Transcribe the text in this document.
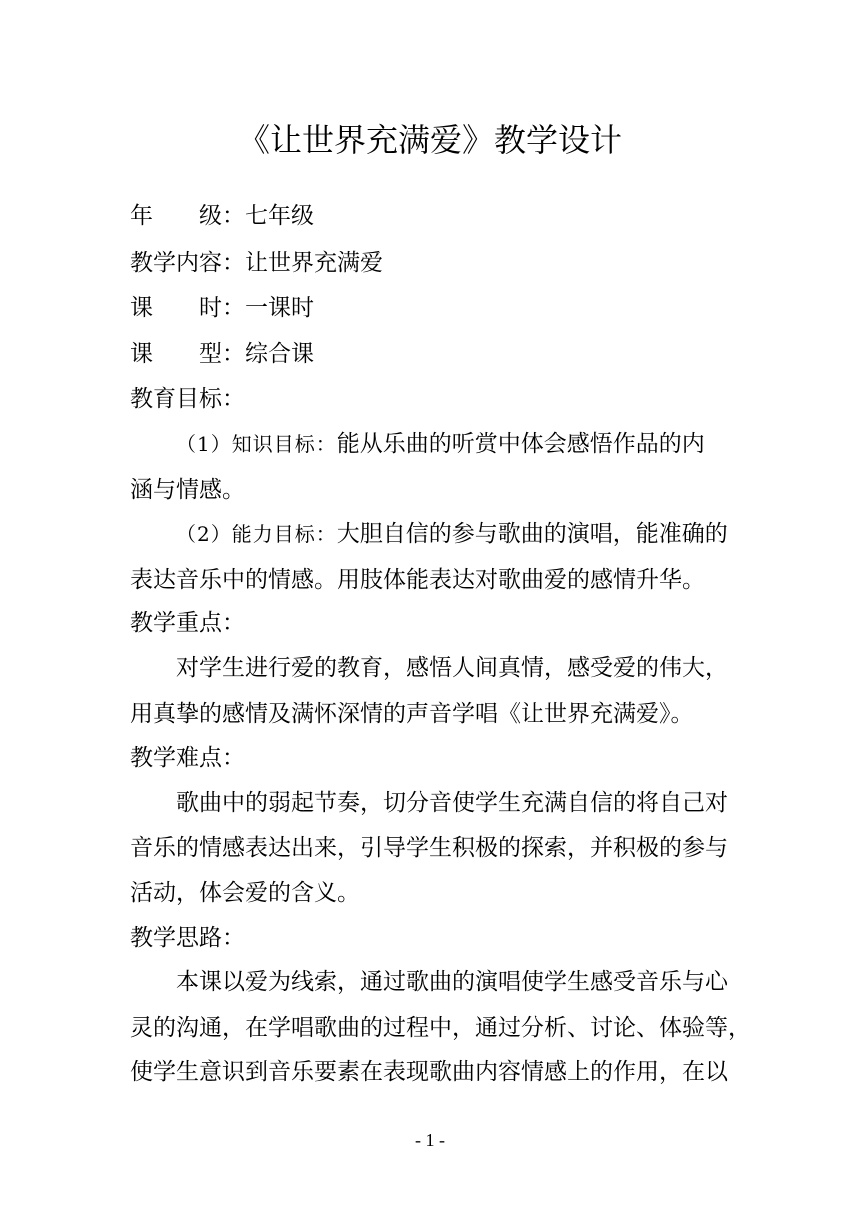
《让世界充满爱》教学设计
年级：七年级
教学内容：让世界充满爱
课时：一课时
课型：综合课
教育目标：
（1）知识目标：能从乐曲的听赏中体会感悟作品的内
涵与情感。
（2）能力目标：大胆自信的参与歌曲的演唱，能准确的
表达音乐中的情感。用肢体能表达对歌曲爱的感情升华。
教学重点：
对学生进行爱的教育，感悟人间真情，感受爱的伟大，
用真挚的感情及满怀深情的声音学唱《让世界充满爱》。
教学难点：
歌曲中的弱起节奏，切分音使学生充满自信的将自己对
音乐的情感表达出来，引导学生积极的探索，并积极的参与
活动，体会爱的含义。
教学思路：
本课以爱为线索，通过歌曲的演唱使学生感受音乐与心
灵的沟通，在学唱歌曲的过程中，通过分析、讨论、体验等，
使学生意识到音乐要素在表现歌曲内容情感上的作用，在以
- 1 -
